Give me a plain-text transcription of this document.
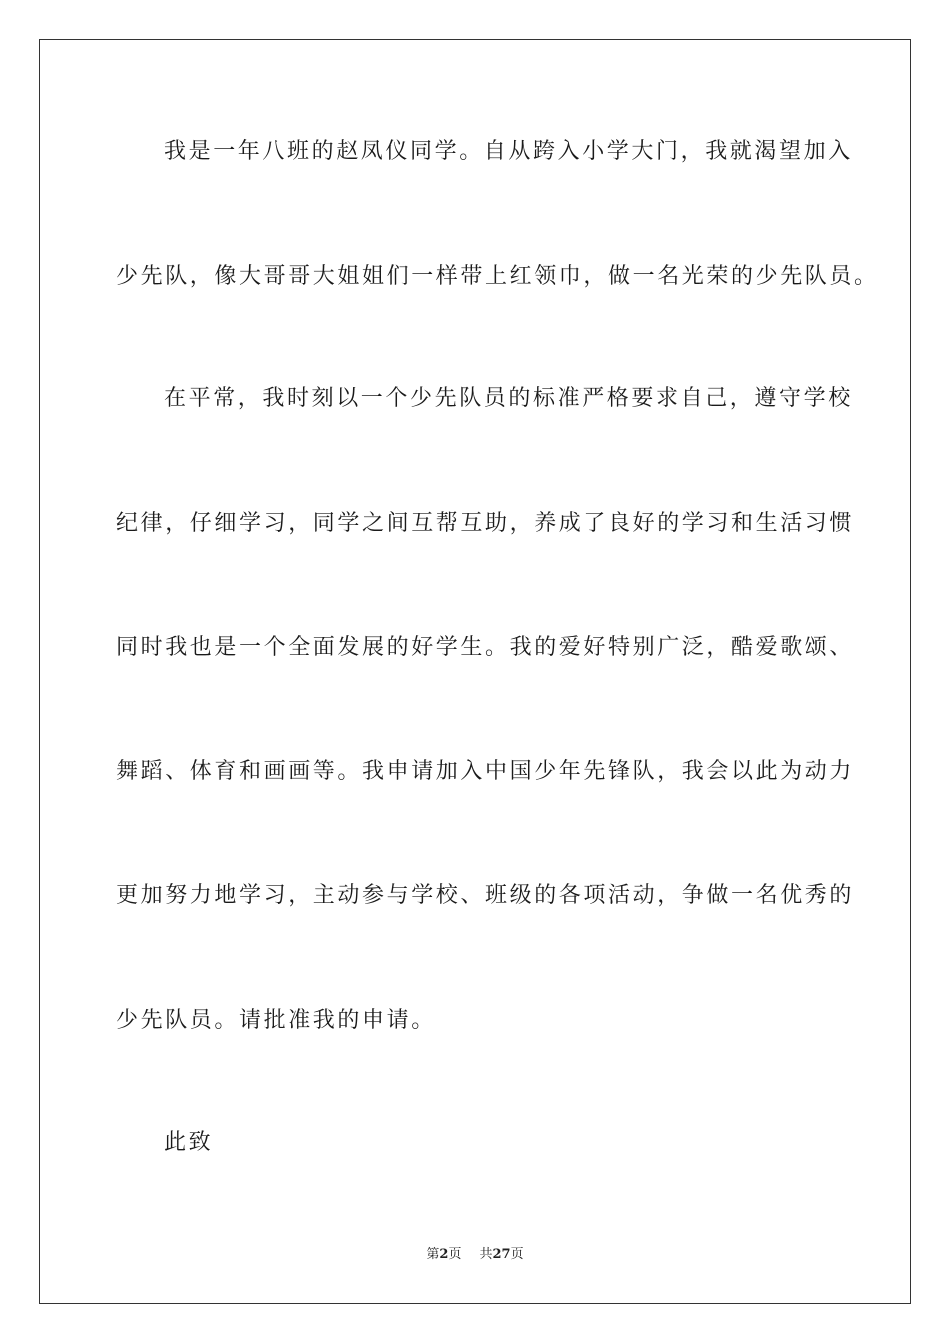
我是一年八班的赵凤仪同学。自从跨入小学大门，我就渴望加入
少先队，像大哥哥大姐姐们一样带上红领巾，做一名光荣的少先队员。
在平常，我时刻以一个少先队员的标准严格要求自己，遵守学校
纪律，仔细学习，同学之间互帮互助，养成了良好的学习和生活习惯
同时我也是一个全面发展的好学生。我的爱好特别广泛，酷爱歌颂、
舞蹈、体育和画画等。我申请加入中国少年先锋队，我会以此为动力
更加努力地学习，主动参与学校、班级的各项活动，争做一名优秀的
少先队员。请批准我的申请。
此致
第2页 共27页
